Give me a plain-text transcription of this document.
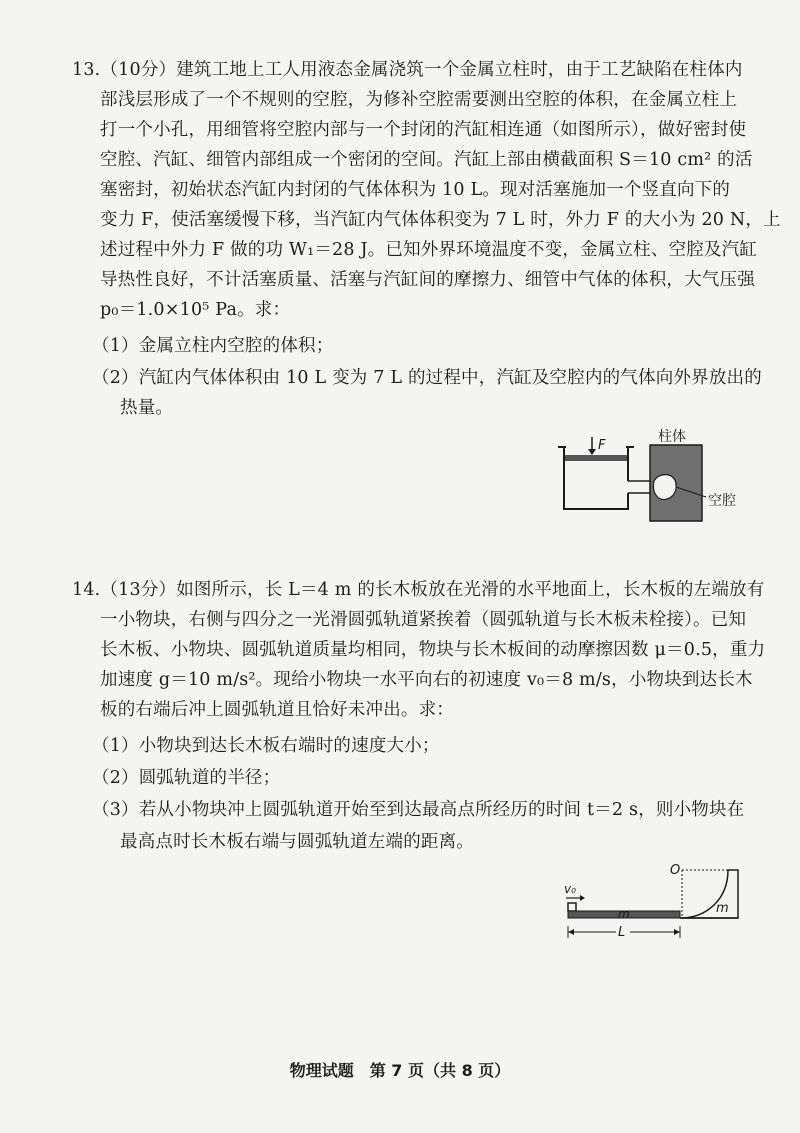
13.（10分）建筑工地上工人用液态金属浇筑一个金属立柱时，由于工艺缺陷在柱体内
部浅层形成了一个不规则的空腔，为修补空腔需要测出空腔的体积，在金属立柱上
打一个小孔，用细管将空腔内部与一个封闭的汽缸相连通（如图所示），做好密封使
空腔、汽缸、细管内部组成一个密闭的空间。汽缸上部由横截面积 S＝10 cm² 的活
塞密封，初始状态汽缸内封闭的气体体积为 10 L。现对活塞施加一个竖直向下的
变力 F，使活塞缓慢下移，当汽缸内气体体积变为 7 L 时，外力 F 的大小为 20 N，上
述过程中外力 F 做的功 W₁＝28 J。已知外界环境温度不变，金属立柱、空腔及汽缸
导热性良好，不计活塞质量、活塞与汽缸间的摩擦力、细管中气体的体积，大气压强
p₀＝1.0×10⁵ Pa。求：
（1）金属立柱内空腔的体积；
（2）汽缸内气体体积由 10 L 变为 7 L 的过程中，汽缸及空腔内的气体向外界放出的
热量。
F
柱体
空腔
14.（13分）如图所示，长 L＝4 m 的长木板放在光滑的水平地面上，长木板的左端放有
一小物块，右侧与四分之一光滑圆弧轨道紧挨着（圆弧轨道与长木板未栓接）。已知
长木板、小物块、圆弧轨道质量均相同，物块与长木板间的动摩擦因数 μ＝0.5，重力
加速度 g＝10 m/s²。现给小物块一水平向右的初速度 v₀＝8 m/s，小物块到达长木
板的右端后冲上圆弧轨道且恰好未冲出。求：
（1）小物块到达长木板右端时的速度大小；
（2）圆弧轨道的半径；
（3）若从小物块冲上圆弧轨道开始至到达最高点所经历的时间 t＝2 s，则小物块在
最高点时长木板右端与圆弧轨道左端的距离。
v₀
m	m
O
L
物理试题　第 7 页（共 8 页）
